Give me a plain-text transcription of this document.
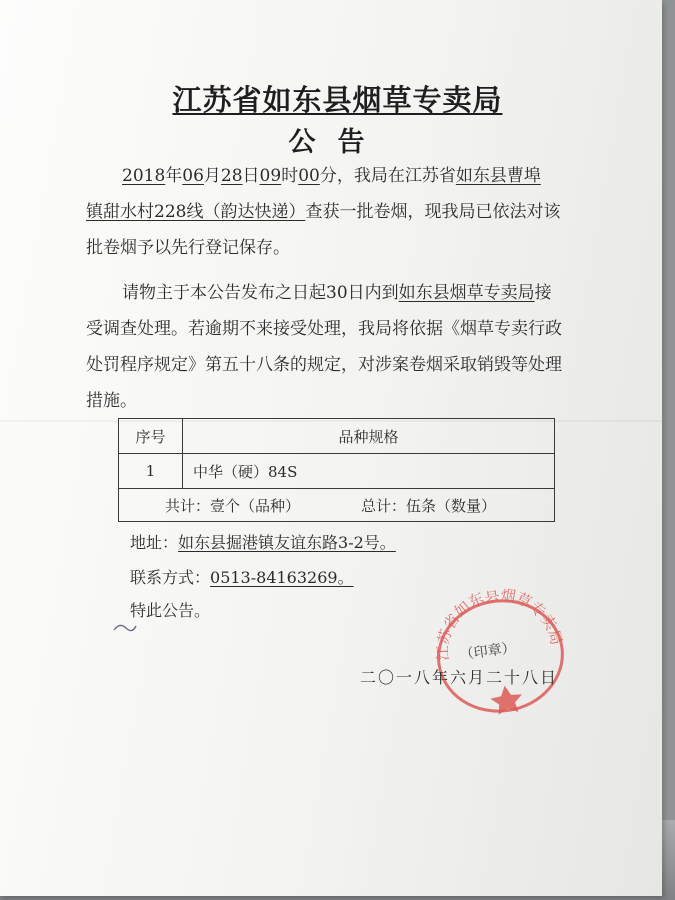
江苏省如东县烟草专卖局
公告
2018年06月28日09时00分，我局在江苏省如东县曹埠
镇甜水村228线（韵达快递）查获一批卷烟，现我局已依法对该
批卷烟予以先行登记保存。
请物主于本公告发布之日起30日内到如东县烟草专卖局接
受调查处理。若逾期不来接受处理，我局将依据《烟草专卖行政
处罚程序规定》第五十八条的规定，对涉案卷烟采取销毁等处理
措施。
序号	品种规格
1	中华（硬）84S
共计：壹个（品种）	总计：伍条（数量）
地址：如东县掘港镇友谊东路3-2号。
联系方式：0513-84163269。
特此公告。
江苏省如东县烟草专卖局
（印章）
二〇一八年六月二十八日
